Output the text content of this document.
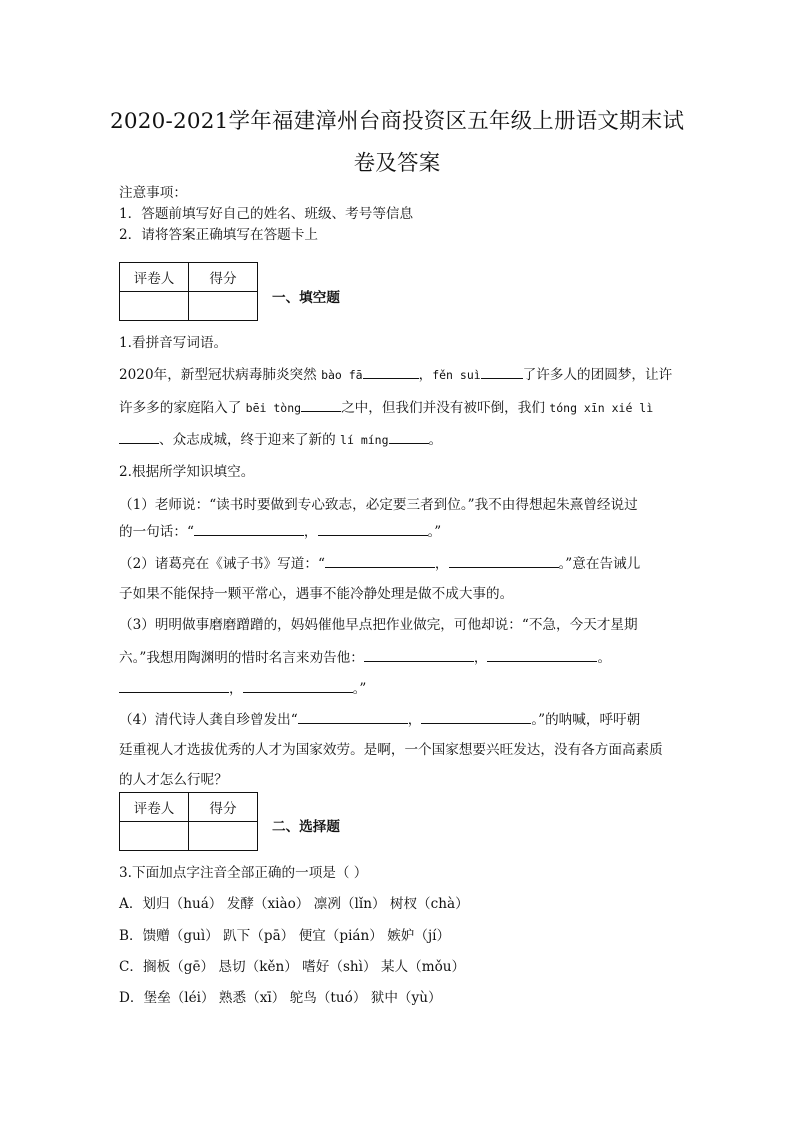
2020-2021学年福建漳州台商投资区五年级上册语文期末试
卷及答案
注意事项：
1．答题前填写好自己的姓名、班级、考号等信息
2．请将答案正确填写在答题卡上
评卷人	得分

一、填空题
1.看拼音写词语。
2020年，新型冠状病毒肺炎突然 bào fā	，fěn suì	了许多人的团圆梦，让许
许多多的家庭陷入了 bēi tòng	之中，但我们并没有被吓倒，我们 tóng xīn xié lì
、众志成城，终于迎来了新的 lí míng	。
2.根据所学知识填空。
（1）老师说：“读书时要做到专心致志，必定要三者到位。”我不由得想起朱熹曾经说过
的一句话：“	，	。”
（2）诸葛亮在《诫子书》写道：“	，	。”意在告诫儿
子如果不能保持一颗平常心，遇事不能冷静处理是做不成大事的。
（3）明明做事磨磨蹭蹭的，妈妈催他早点把作业做完，可他却说：“不急，今天才星期
六。”我想用陶渊明的惜时名言来劝告他：	，	。
，	。”
（4）清代诗人龚自珍曾发出“	，	。”的呐喊，呼吁朝
廷重视人才选拔优秀的人才为国家效劳。是啊，一个国家想要兴旺发达，没有各方面高素质
的人才怎么行呢？
评卷人	得分

二、选择题
3.下面加点字注音全部正确的一项是（ ）
A．划归（huá） 发酵（xiào） 凛冽（lǐn） 树杈（chà）
B．馈赠（guì） 趴下（pā） 便宜（pián） 嫉妒（jí）
C．搁板（gē） 恳切（kěn） 嗜好（shì） 某人（mǒu）
D．堡垒（léi） 熟悉（xī） 鸵鸟（tuó） 狱中（yù）
